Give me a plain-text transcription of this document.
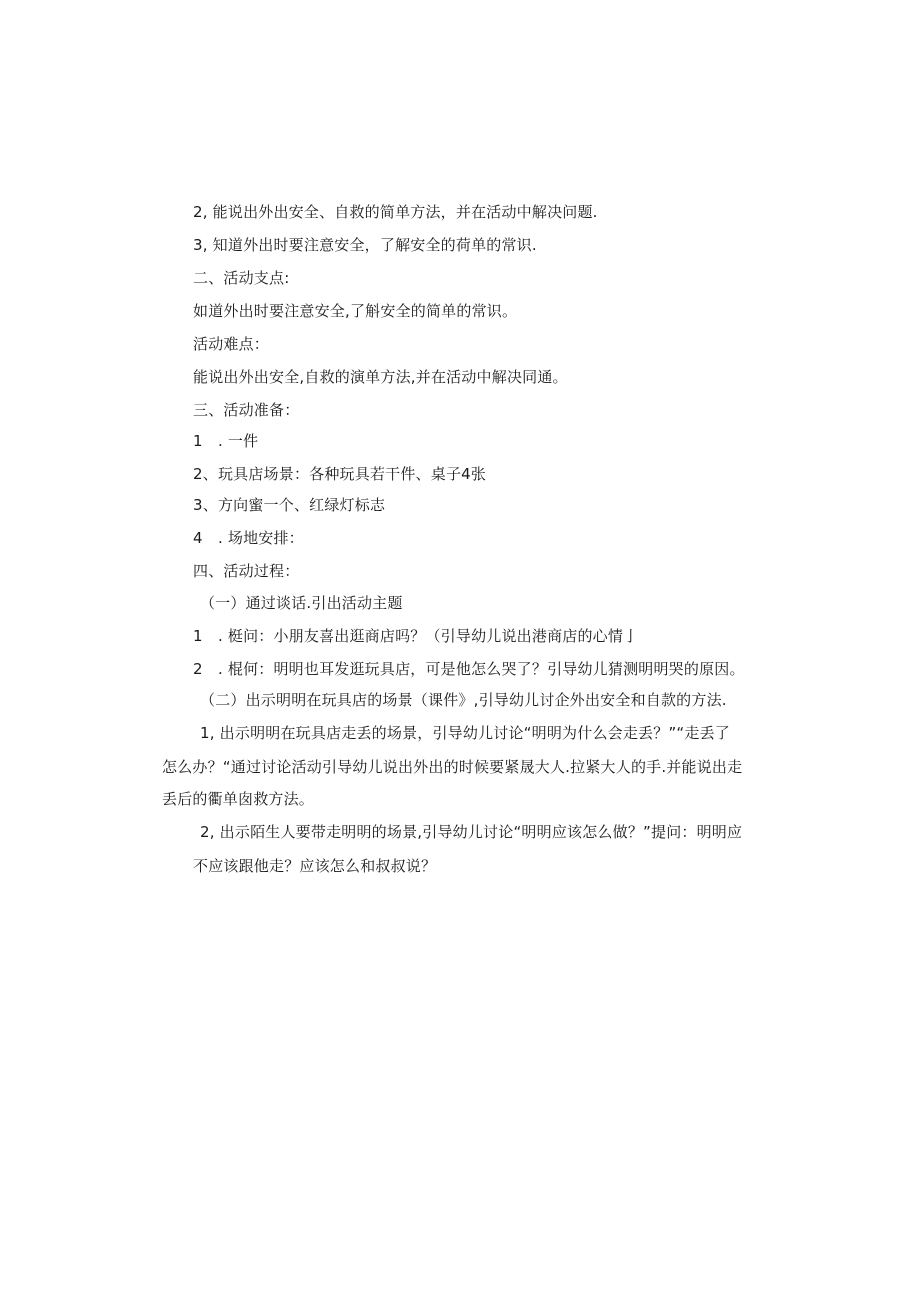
2, 能说出外出安全、自救的简单方法，并在活动中解决问题.
3, 知道外出时要注意安全，了解安全的荷单的常识.
二、活动支点:
如道外出时要注意安全,了斛安全的简单的常识。
活动难点：
能说出外出安全,自救的演单方法,并在活动中解决同通。
三、活动准备：
1　. 一件
2、玩具店场景：各种玩具若干件、桌子4张
3、方向蜜一个、红绿灯标志
4　. 场地安排：
四、活动过程：
（一）通过谈话.引出活动主题
1　. 梃问：小朋友喜出逛商店吗？（引导幼儿说出港商店的心情亅
2　. 棍何：明明也耳发逛玩具店，可是他怎么哭了？引导幼儿猜测明明哭的原因。
（二）出示明明在玩具店的场景（课件》,引导幼儿讨企外出安全和自款的方法.
1, 出示明明在玩具店走丢的场景，引导幼儿讨论“明明为什么会走丢？”“走丢了
怎么办？“通过讨论活动引导幼儿说出外出的时候要紧晟大人.拉紧大人的手.并能说出走
丢后的衢单囱救方法。
2, 出示陌生人要带走明明的场景,引导幼儿讨论“明明应该怎么做？”提问：明明应
不应该跟他走？应该怎么和叔叔说？
